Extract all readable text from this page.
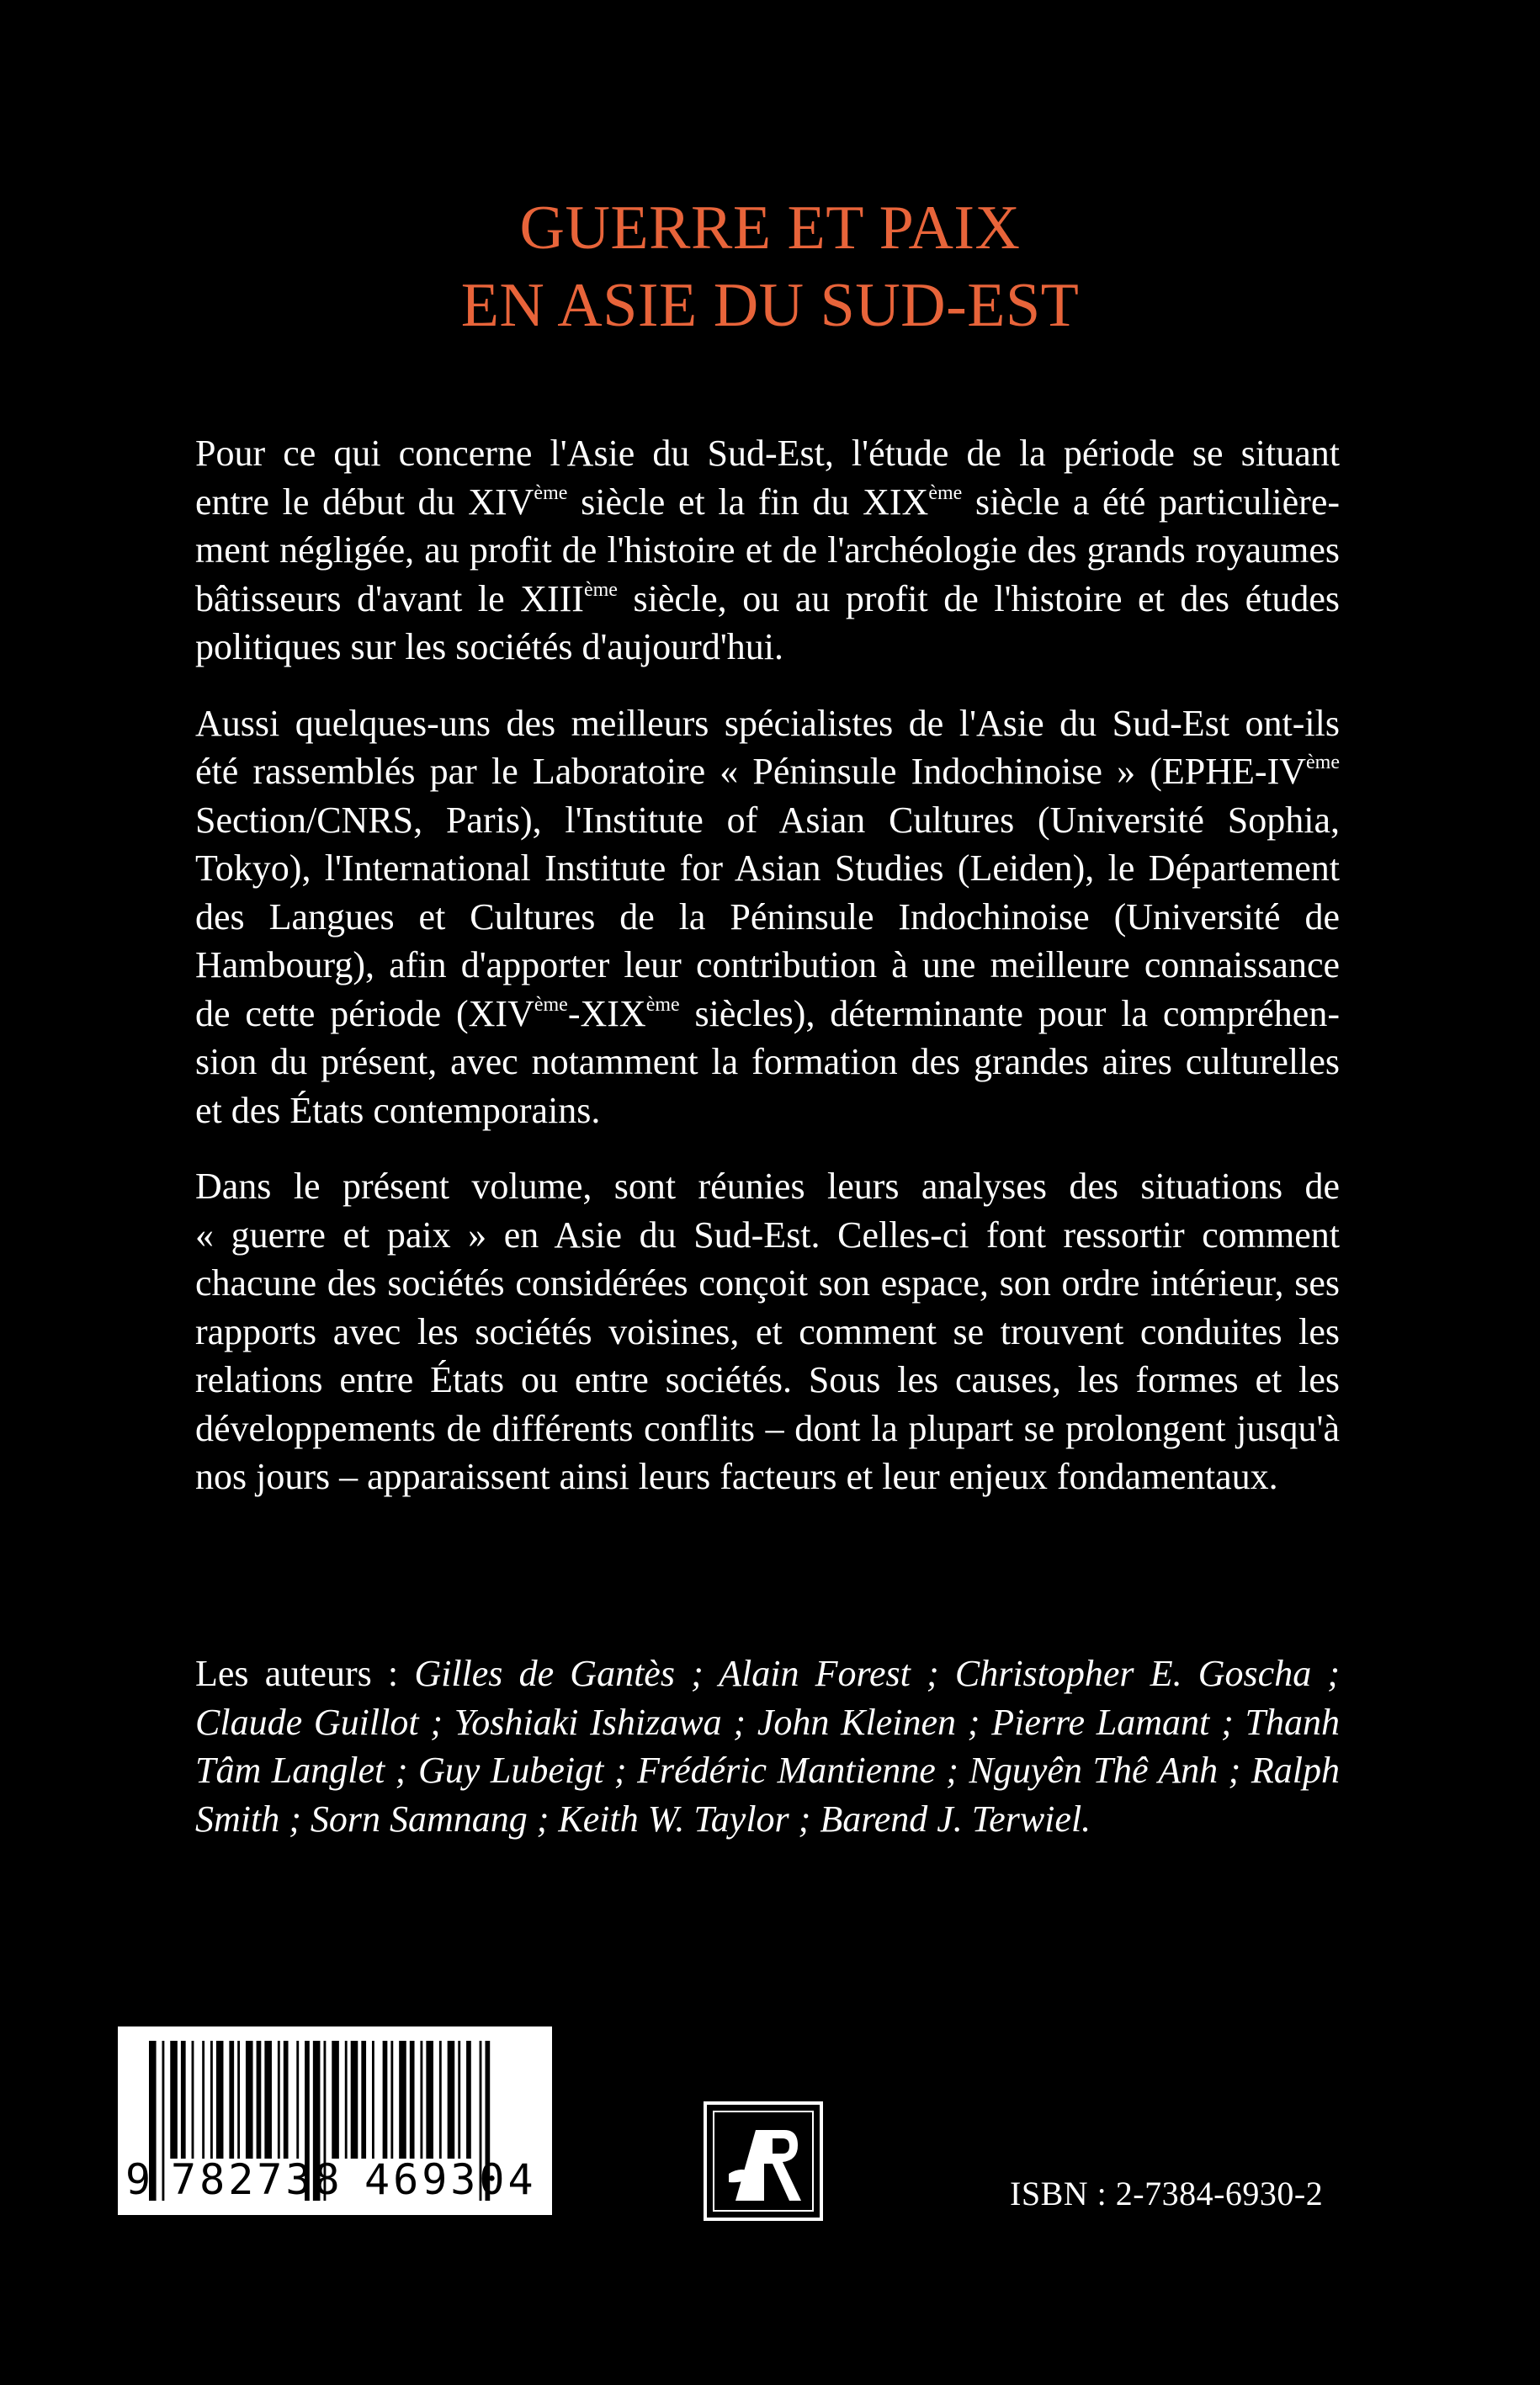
GUERRE ET PAIX
EN ASIE DU SUD-EST
Pour ce qui concerne l'Asie du Sud-Est, l'étude de la période se situant
entre le début du XIVème siècle et la fin du XIXème siècle a été particulière-
ment négligée, au profit de l'histoire et de l'archéologie des grands royaumes
bâtisseurs d'avant le XIIIème siècle, ou au profit de l'histoire et des études
politiques sur les sociétés d'aujourd'hui.
Aussi quelques-uns des meilleurs spécialistes de l'Asie du Sud-Est ont-ils
été rassemblés par le Laboratoire « Péninsule Indochinoise » (EPHE-IVème
Section/CNRS, Paris), l'Institute of Asian Cultures (Université Sophia,
Tokyo), l'International Institute for Asian Studies (Leiden), le Département
des Langues et Cultures de la Péninsule Indochinoise (Université de
Hambourg), afin d'apporter leur contribution à une meilleure connaissance
de cette période (XIVème-XIXème siècles), déterminante pour la compréhen-
sion du présent, avec notamment la formation des grandes aires culturelles
et des États contemporains.
Dans le présent volume, sont réunies leurs analyses des situations de
« guerre et paix » en Asie du Sud-Est. Celles-ci font ressortir comment
chacune des sociétés considérées conçoit son espace, son ordre intérieur, ses
rapports avec les sociétés voisines, et comment se trouvent conduites les
relations entre États ou entre sociétés. Sous les causes, les formes et les
développements de différents conflits – dont la plupart se prolongent jusqu'à
nos jours – apparaissent ainsi leurs facteurs et leur enjeux fondamentaux.
Les auteurs : Gilles de Gantès ; Alain Forest ; Christopher E. Goscha ;
Claude Guillot ; Yoshiaki Ishizawa ; John Kleinen ; Pierre Lamant ; Thanh
Tâm Langlet ; Guy Lubeigt ; Frédéric Mantienne ; Nguyên Thê Anh ; Ralph
Smith ; Sorn Samnang ; Keith W. Taylor ; Barend J. Terwiel.
9 782738 469304	ISBN : 2-7384-6930-2
